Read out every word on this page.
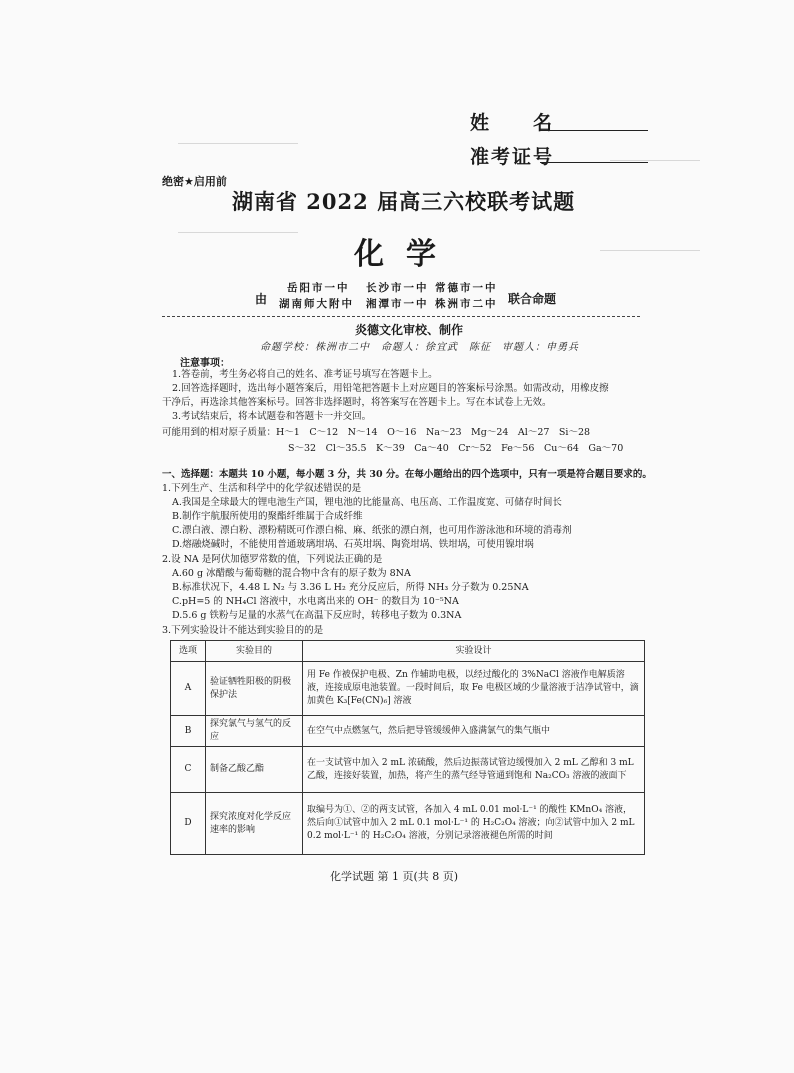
姓　　名
准考证号
绝密★启用前
湖南省 2022 届高三六校联考试题
化学
由
岳阳市一中 长沙市一中 常德市一中
湖南师大附中 湘潭市一中 株洲市二中 联合命题
炎德文化审校、制作
命题学校：株洲市二中　命题人：徐宜武　陈征　审题人：申勇兵
注意事项：
1.答卷前，考生务必将自己的姓名、准考证号填写在答题卡上。
2.回答选择题时，选出每小题答案后，用铅笔把答题卡上对应题目的答案标号涂黑。如需改动，用橡皮擦
干净后，再选涂其他答案标号。回答非选择题时，将答案写在答题卡上。写在本试卷上无效。
3.考试结束后，将本试题卷和答题卡一并交回。
可能用到的相对原子质量：H～1　C～12　N～14　O～16　Na～23　Mg～24　Al～27　Si～28
S～32　Cl～35.5　K～39　Ca～40　Cr～52　Fe～56　Cu～64　Ga～70
一、选择题：本题共 10 小题，每小题 3 分，共 30 分。在每小题给出的四个选项中，只有一项是符合题目要求的。
1.下列生产、生活和科学中的化学叙述错误的是
A.我国是全球最大的锂电池生产国，锂电池的比能量高、电压高、工作温度宽、可储存时间长
B.制作宇航服所使用的聚酯纤维属于合成纤维
C.漂白液、漂白粉、漂粉精既可作漂白棉、麻、纸张的漂白剂，也可用作游泳池和环境的消毒剂
D.熔融烧碱时，不能使用普通玻璃坩埚、石英坩埚、陶瓷坩埚、铁坩埚，可使用镍坩埚
2.设 NA 是阿伏加德罗常数的值，下列说法正确的是
A.60 g 冰醋酸与葡萄糖的混合物中含有的原子数为 8NA
B.标准状况下，4.48 L N₂ 与 3.36 L H₂ 充分反应后，所得 NH₃ 分子数为 0.25NA
C.pH=5 的 NH₄Cl 溶液中，水电离出来的 OH⁻ 的数目为 10⁻⁵NA
D.5.6 g 铁粉与足量的水蒸气在高温下反应时，转移电子数为 0.3NA
3.下列实验设计不能达到实验目的的是
选项	实验目的	实验设计
A	验证牺牲阳极的阴极保护法	用 Fe 作被保护电极、Zn 作辅助电极，以经过酸化的 3%NaCl 溶液作电解质溶液，连接成原电池装置。一段时间后，取 Fe 电极区域的少量溶液于洁净试管中，滴加黄色 K₃[Fe(CN)₆] 溶液
B	探究氯气与氢气的反应	在空气中点燃氢气，然后把导管缓缓伸入盛满氯气的集气瓶中
C	制备乙酸乙酯	在一支试管中加入 2 mL 浓硫酸，然后边振荡试管边缓慢加入 2 mL 乙醇和 3 mL 乙酸，连接好装置，加热，将产生的蒸气经导管通到饱和 Na₂CO₃ 溶液的液面下
D	探究浓度对化学反应速率的影响	取编号为①、②的两支试管，各加入 4 mL 0.01 mol·L⁻¹ 的酸性 KMnO₄ 溶液，然后向①试管中加入 2 mL 0.1 mol·L⁻¹ 的 H₂C₂O₄ 溶液；向②试管中加入 2 mL 0.2 mol·L⁻¹ 的 H₂C₂O₄ 溶液，分别记录溶液褪色所需的时间
化学试题 第 1 页(共 8 页)
